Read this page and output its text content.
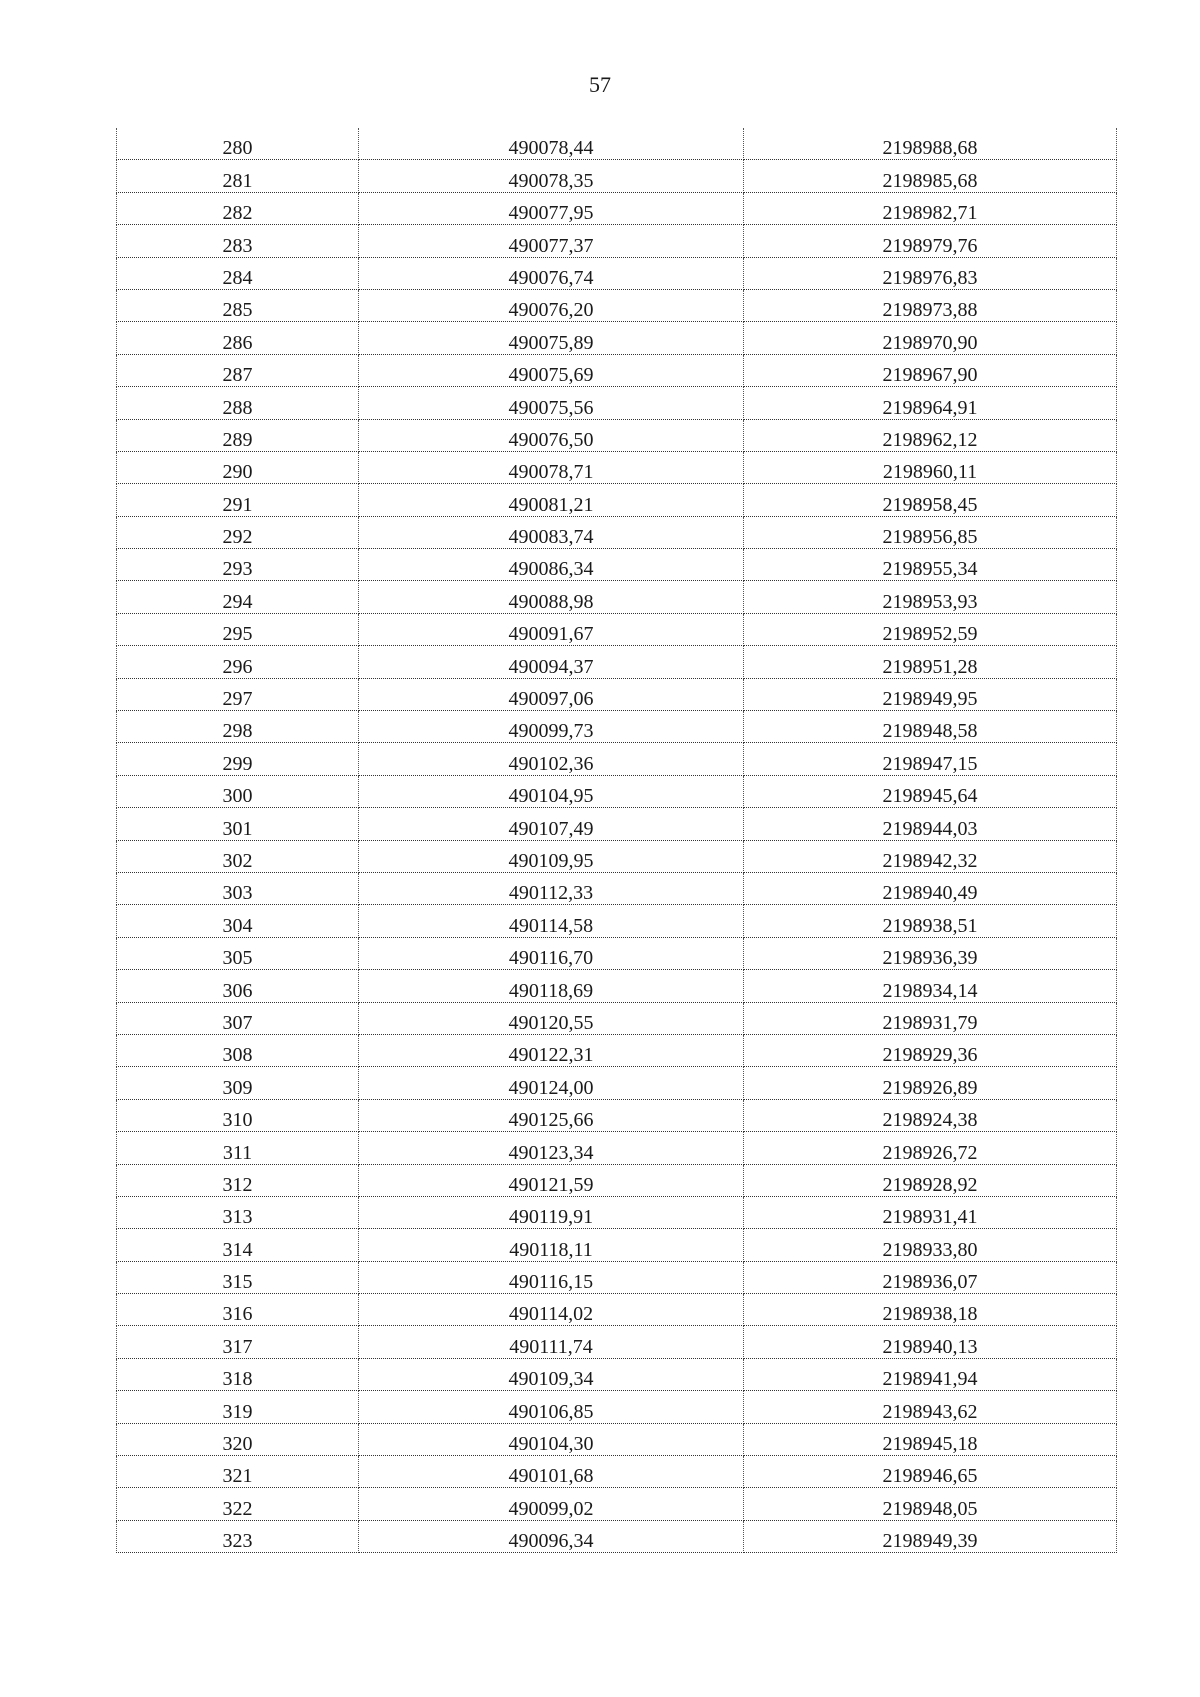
57
280	490078,44	2198988,68
281	490078,35	2198985,68
282	490077,95	2198982,71
283	490077,37	2198979,76
284	490076,74	2198976,83
285	490076,20	2198973,88
286	490075,89	2198970,90
287	490075,69	2198967,90
288	490075,56	2198964,91
289	490076,50	2198962,12
290	490078,71	2198960,11
291	490081,21	2198958,45
292	490083,74	2198956,85
293	490086,34	2198955,34
294	490088,98	2198953,93
295	490091,67	2198952,59
296	490094,37	2198951,28
297	490097,06	2198949,95
298	490099,73	2198948,58
299	490102,36	2198947,15
300	490104,95	2198945,64
301	490107,49	2198944,03
302	490109,95	2198942,32
303	490112,33	2198940,49
304	490114,58	2198938,51
305	490116,70	2198936,39
306	490118,69	2198934,14
307	490120,55	2198931,79
308	490122,31	2198929,36
309	490124,00	2198926,89
310	490125,66	2198924,38
311	490123,34	2198926,72
312	490121,59	2198928,92
313	490119,91	2198931,41
314	490118,11	2198933,80
315	490116,15	2198936,07
316	490114,02	2198938,18
317	490111,74	2198940,13
318	490109,34	2198941,94
319	490106,85	2198943,62
320	490104,30	2198945,18
321	490101,68	2198946,65
322	490099,02	2198948,05
323	490096,34	2198949,39
